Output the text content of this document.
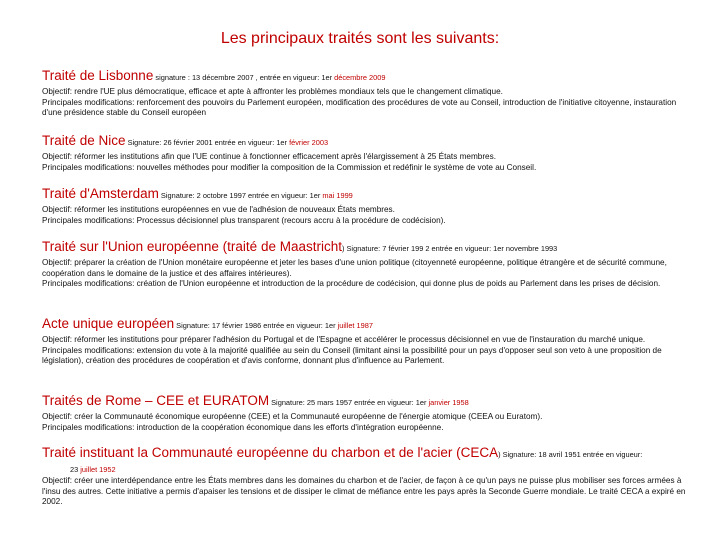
Les principaux traités sont les suivants:
Traité de Lisbonne signature : 13 décembre 2007 , entrée en vigueur: 1er décembre 2009

Objectif: rendre l'UE plus démocratique, efficace et apte à affronter les problèmes mondiaux tels que le changement climatique.

Principales modifications: renforcement des pouvoirs du Parlement européen, modification des procédures de vote au Conseil, introduction de l'initiative citoyenne, instauration d'une présidence stable du Conseil européen

Traité de Nice Signature: 26 février 2001 entrée en vigueur: 1er février 2003

Objectif: réformer les institutions afin que l'UE continue à fonctionner efficacement après l'élargissement à 25 États membres.

Principales modifications: nouvelles méthodes pour modifier la composition de la Commission et redéfinir le système de vote au Conseil.

Traité d'Amsterdam Signature: 2 octobre 1997 entrée en vigueur: 1er mai 1999

Objectif: réformer les institutions européennes en vue de l'adhésion de nouveaux États membres.

Principales modifications: Processus décisionnel plus transparent (recours accru à la procédure de codécision).

Traité sur l'Union européenne (traité de Maastricht) Signature: 7 février 199 2 entrée en vigueur: 1er novembre 1993

Objectif: préparer la création de l'Union monétaire européenne et jeter les bases d'une union politique (citoyenneté européenne, politique étrangère et de sécurité commune, coopération dans le domaine de la justice et des affaires intérieures).

Principales modifications: création de l'Union européenne et introduction de la procédure de codécision, qui donne plus de poids au Parlement dans les prises de décision.

Acte unique européen Signature: 17 février 1986 entrée en vigueur: 1er juillet 1987

Objectif: réformer les institutions pour préparer l'adhésion du Portugal et de l'Espagne et accélérer le processus décisionnel en vue de l'instauration du marché unique.

Principales modifications: extension du vote à la majorité qualifiée au sein du Conseil (limitant ainsi la possibilité pour un pays d'opposer seul son veto à une proposition de législation), création des procédures de coopération et d'avis conforme, donnant plus d'influence au Parlement.

Traités de Rome – CEE et EURATOM Signature: 25 mars 1957 entrée en vigueur: 1er janvier 1958

Objectif: créer la Communauté économique européenne (CEE) et la Communauté européenne de l'énergie atomique (CEEA ou Euratom).

Principales modifications: introduction de la coopération économique dans les efforts d'intégration européenne.

Traité instituant la Communauté européenne du charbon et de l'acier (CECA) Signature: 18 avril 1951 entrée en vigueur:
23 juillet 1952

Objectif: créer une interdépendance entre les États membres dans les domaines du charbon et de l'acier, de façon à ce qu'un pays ne puisse plus mobiliser ses forces armées à l'insu des autres. Cette initiative a permis d'apaiser les tensions et de dissiper le climat de méfiance entre les pays après la Seconde Guerre mondiale. Le traité CECA a expiré en 2002.
